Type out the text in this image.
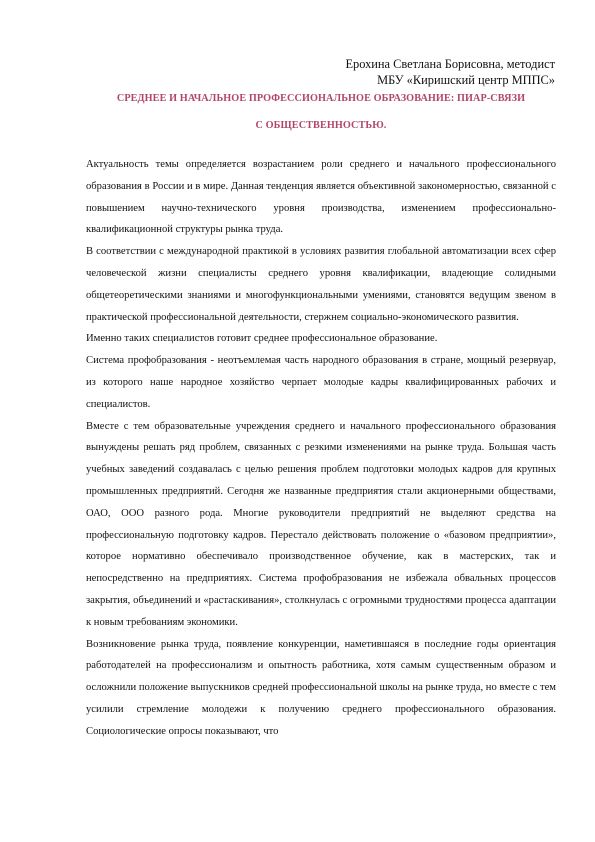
Ерохина Светлана Борисовна, методист
МБУ «Киришский центр МППС»
СРЕДНЕЕ И НАЧАЛЬНОЕ ПРОФЕССИОНАЛЬНОЕ ОБРАЗОВАНИЕ: ПИАР-СВЯЗИ
С ОБЩЕСТВЕННОСТЬЮ.

Актуальность темы определяется возрастанием роли среднего и начального профессионального образования в России и в мире. Данная тенденция является объективной закономерностью, связанной с повышением научно-технического уровня производства, изменением профессионально-квалификационной структуры рынка труда.

В соответствии с международной практикой в условиях развития глобальной автоматизации всех сфер человеческой жизни специалисты среднего уровня квалификации, владеющие солидными общетеоретическими знаниями и многофункциональными умениями, становятся ведущим звеном в практической профессиональной деятельности, стержнем социально-экономического развития.

Именно таких специалистов готовит среднее профессиональное образование.

Система профобразования - неотъемлемая часть народного образования в стране, мощный резервуар, из которого наше народное хозяйство черпает молодые кадры квалифицированных рабочих и специалистов.

Вместе с тем образовательные учреждения среднего и начального профессионального образования вынуждены решать ряд проблем, связанных с резкими изменениями на рынке труда. Большая часть учебных заведений создавалась с целью решения проблем подготовки молодых кадров для крупных промышленных предприятий. Сегодня же названные предприятия стали акционерными обществами, ОАО, ООО разного рода. Многие руководители предприятий не выделяют средства на профессиональную подготовку кадров. Перестало действовать положение о «базовом предприятии», которое нормативно обеспечивало производственное обучение, как в мастерских, так и непосредственно на предприятиях. Система профобразования не избежала обвальных процессов закрытия, объединений и «растаскивания», столкнулась с огромными трудностями процесса адаптации к новым требованиям экономики.

Возникновение рынка труда, появление конкуренции, наметившаяся в последние годы ориентация работодателей на профессионализм и опытность работника, хотя самым существенным образом и осложнили положение выпускников средней профессиональной школы на рынке труда, но вместе с тем усилили стремление молодежи к получению среднего профессионального образования. Социологические опросы показывают, что
